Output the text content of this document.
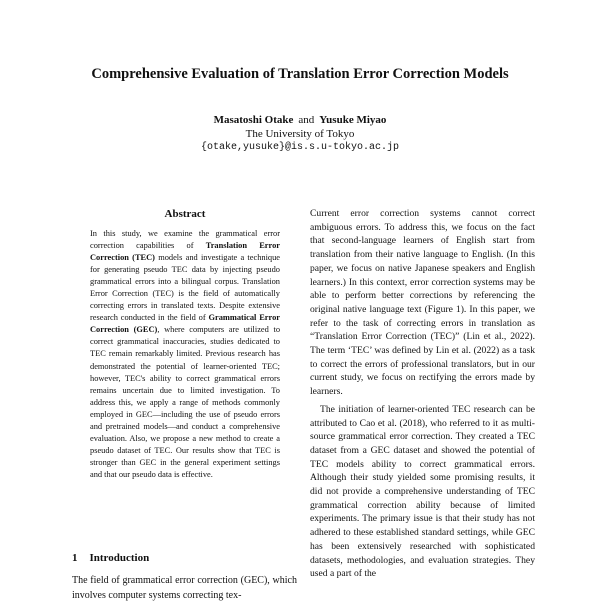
Comprehensive Evaluation of Translation Error Correction Models
Masatoshi Otake and Yusuke Miyao
The University of Tokyo
{otake,yusuke}@is.s.u-tokyo.ac.jp
Abstract
In this study, we examine the grammatical error correction capabilities of Translation Error Correction (TEC) models and investigate a technique for generating pseudo TEC data by injecting pseudo grammatical errors into a bilingual corpus. Translation Error Correction (TEC) is the field of automatically correcting errors in translated texts. Despite extensive research conducted in the field of Grammatical Error Correction (GEC), where computers are utilized to correct grammatical inaccuracies, studies dedicated to TEC remain remarkably limited. Previous research has demonstrated the potential of learner-oriented TEC; however, TEC's ability to correct grammatical errors remains uncertain due to limited investigation. To address this, we apply a range of methods commonly employed in GEC—including the use of pseudo errors and pretrained models—and conduct a comprehensive evaluation. Also, we propose a new method to create a pseudo dataset of TEC. Our results show that TEC is stronger than GEC in the general experiment settings and that our pseudo data is effective.
1 Introduction
The field of grammatical error correction (GEC), which involves computer systems correcting tex-

Current error correction systems cannot correct ambiguous errors. To address this, we focus on the fact that second-language learners of English start from translation from their native language to English. (In this paper, we focus on native Japanese speakers and English learners.) In this context, error correction systems may be able to perform better corrections by referencing the original native language text (Figure 1). In this paper, we refer to the task of correcting errors in translation as “Translation Error Correction (TEC)” (Lin et al., 2022). The term ‘TEC’ was defined by Lin et al. (2022) as a task to correct the errors of professional translators, but in our current study, we focus on rectifying the errors made by learners.

The initiation of learner-oriented TEC research can be attributed to Cao et al. (2018), who referred to it as multi-source grammatical error correction. They created a TEC dataset from a GEC dataset and showed the potential of TEC models ability to correct grammatical errors. Although their study yielded some promising results, it did not provide a comprehensive understanding of TEC grammatical correction ability because of limited experiments. The primary issue is that their study has not adhered to these established standard settings, while GEC has been extensively researched with sophisticated datasets, methodologies, and evaluation strategies. They used a part of the
